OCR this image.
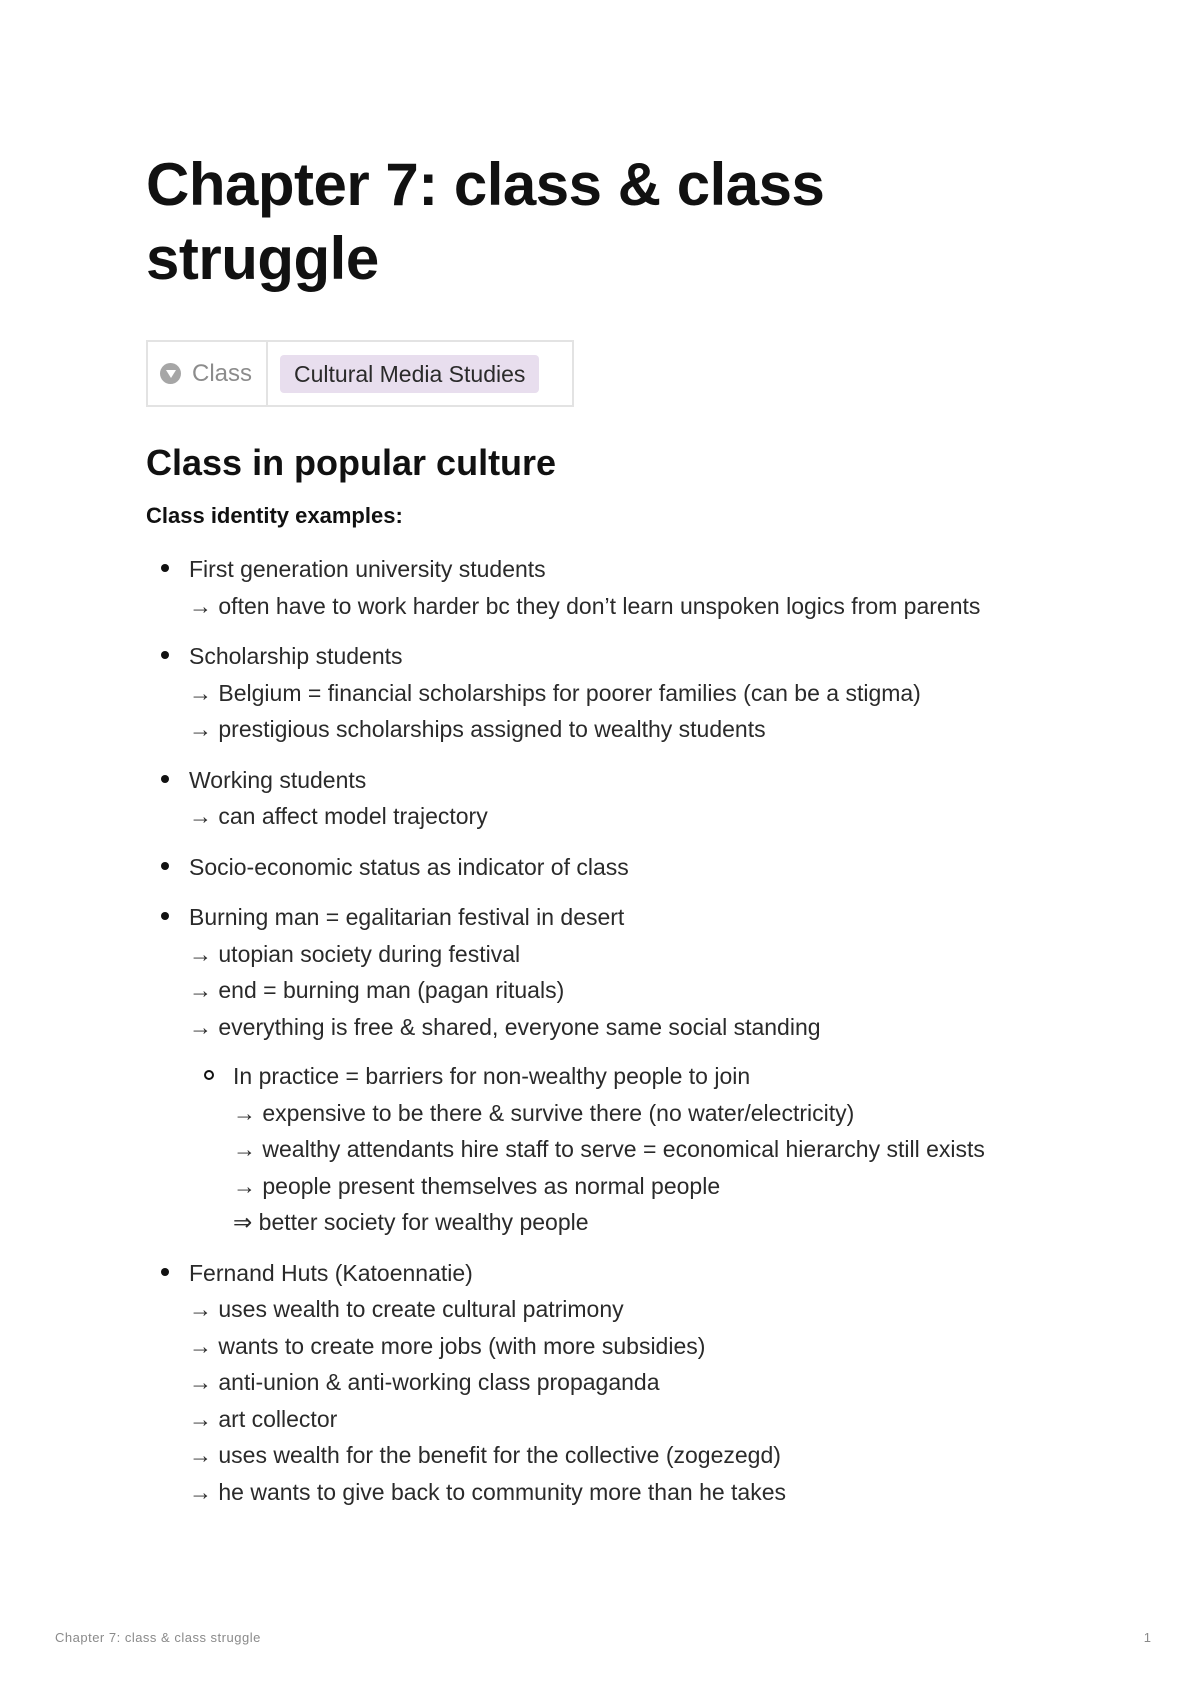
Chapter 7: class & class struggle
Class	Cultural Media Studies
Class in popular culture
Class identity examples:
First generation university students
→ often have to work harder bc they don’t learn unspoken logics from parents
Scholarship students
→ Belgium = financial scholarships for poorer families (can be a stigma)
→ prestigious scholarships assigned to wealthy students
Working students
→ can affect model trajectory
Socio-economic status as indicator of class
Burning man = egalitarian festival in desert
→ utopian society during festival
→ end = burning man (pagan rituals)
→ everything is free & shared, everyone same social standing
In practice = barriers for non-wealthy people to join
→ expensive to be there & survive there (no water/electricity)
→ wealthy attendants hire staff to serve = economical hierarchy still exists
→ people present themselves as normal people
⇒ better society for wealthy people
Fernand Huts (Katoennatie)
→ uses wealth to create cultural patrimony
→ wants to create more jobs (with more subsidies)
→ anti-union & anti-working class propaganda
→ art collector
→ uses wealth for the benefit for the collective (zogezegd)
→ he wants to give back to community more than he takes
Chapter 7: class & class struggle	1
